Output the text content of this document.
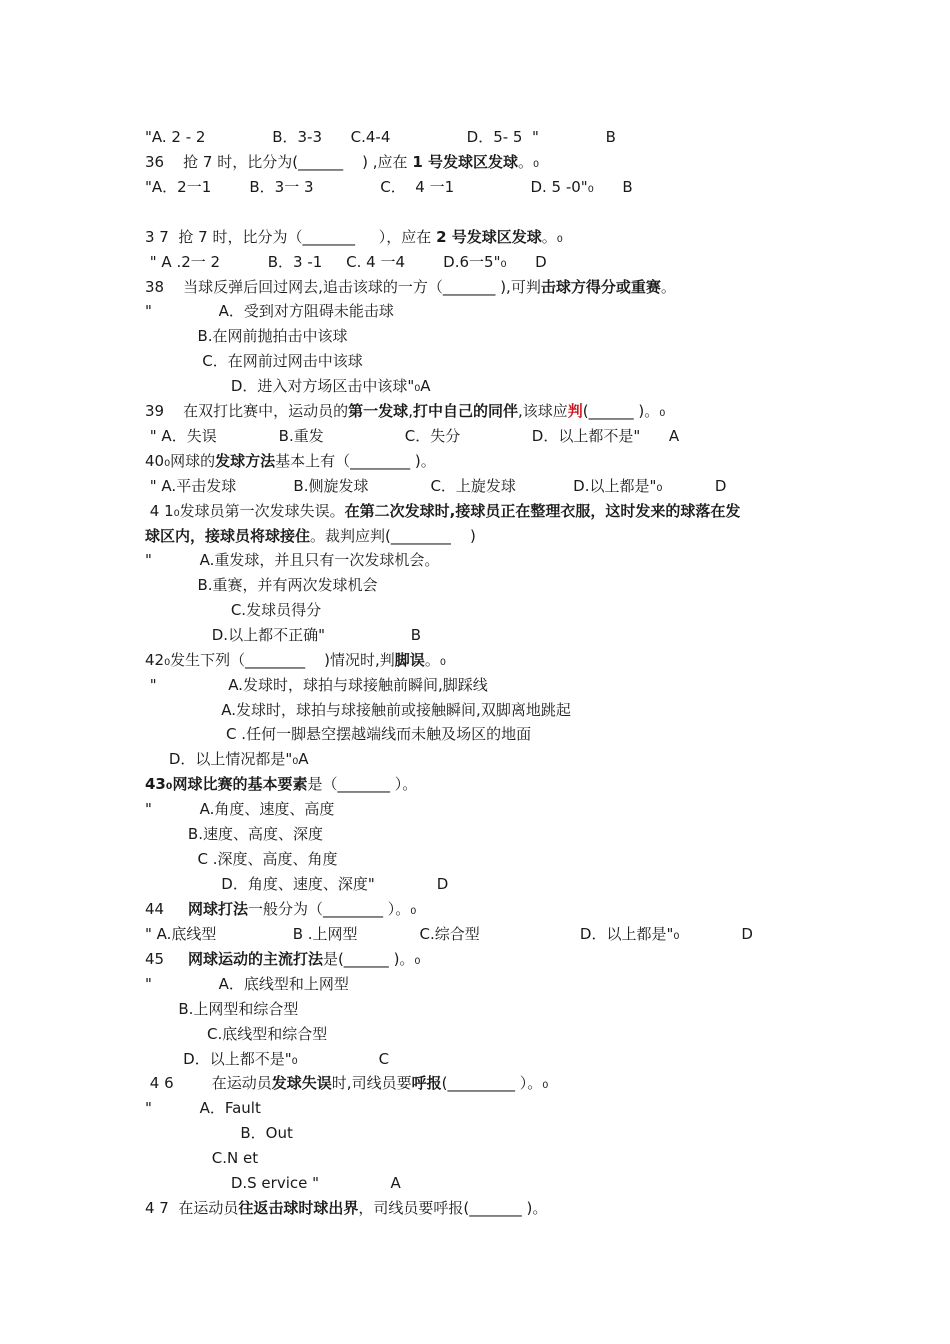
"A. 2 - 2              B．3-3      C.4-4                D．5- 5  "              B
36    抢 7 时，比分为(______    ) ,应在 1 号发球区发球。₀
"A．2一1        B．3一 3              C．  4 一1                D. 5 -0"₀      B
3 7  抢 7 时，比分为（_______     ），应在 2 号发球区发球。₀
" A .2一 2          B．3 -1     C. 4 一4        D.6一5"₀      D
38    当球反弹后回过网去,追击该球的一方（_______ ),可判击球方得分或重赛。
"              A．受到对方阻碍未能击球
B.在网前抛拍击中该球
C．在网前过网击中该球
D．进入对方场区击中该球"₀A
39    在双打比赛中，运动员的第一发球,打中自己的同伴,该球应判(______ )。₀
" A．失误             B.重发                 C．失分               D．以上都不是"      A
40₀网球的发球方法基本上有（________ )。
" A.平击发球            B.侧旋发球             C．上旋发球            D.以上都是"₀           D
4 1₀发球员第一次发球失误。在第二次发球时,接球员正在整理衣服，这时发来的球落在发
球区内，接球员将球接住。裁判应判(________    )
"          A.重发球，并且只有一次发球机会。
B.重赛，并有两次发球机会
C.发球员得分
D.以上都不正确"                  B
42₀发生下列（________    )情况时,判脚误。₀
"               A.发球时，球拍与球接触前瞬间,脚踩线
A.发球时，球拍与球接触前或接触瞬间,双脚离地跳起
C .任何一脚悬空摆越端线而未触及场区的地面
D．以上情况都是"₀A
43₀网球比赛的基本要素是（_______ ）。
"          A.角度、速度、高度
B.速度、高度、深度
C .深度、高度、角度
D．角度、速度、深度"             D
44     网球打法一般分为（________ ）。₀
" A.底线型                B .上网型             C.综合型                     D．以上都是"₀             D
45     网球运动的主流打法是(______ )。₀
"              A．底线型和上网型
B.上网型和综合型
C.底线型和综合型
D．以上都不是"₀                 C
4 6        在运动员发球失误时,司线员要呼报(_________ ）。₀
"          A．Fault
B．Out
C.N et
D.S ervice "               A
4 7  在运动员往返击球时球出界，司线员要呼报(_______ )。
